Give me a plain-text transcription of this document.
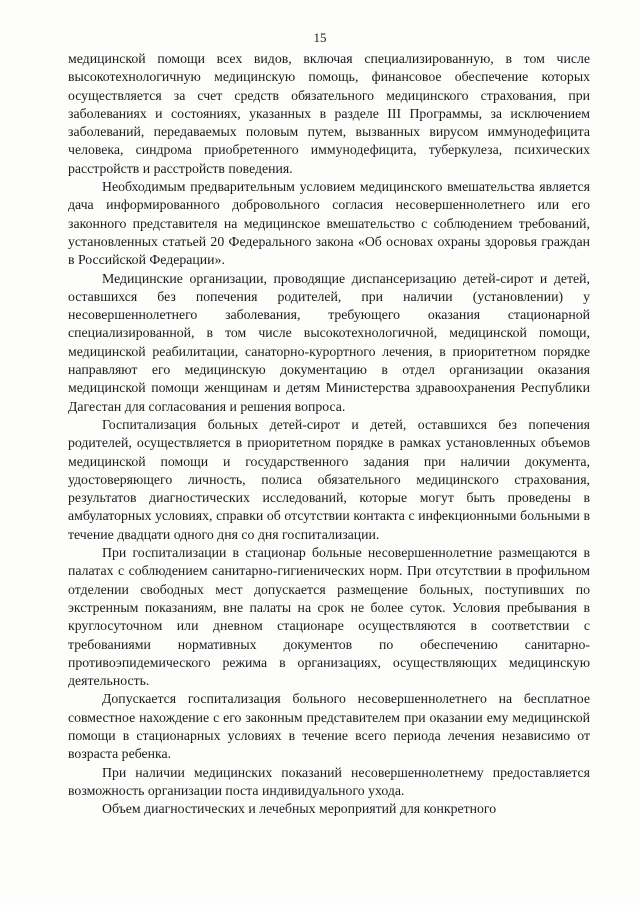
15

медицинской помощи всех видов, включая специализированную, в том числе высокотехнологичную медицинскую помощь, финансовое обеспечение которых осуществляется за счет средств обязательного медицинского страхования, при заболеваниях и состояниях, указанных в разделе III Программы, за исключением заболеваний, передаваемых половым путем, вызванных вирусом иммунодефицита человека, синдрома приобретенного иммунодефицита, туберкулеза, психических расстройств и расстройств поведения.

Необходимым предварительным условием медицинского вмешательства является дача информированного добровольного согласия несовершеннолетнего или его законного представителя на медицинское вмешательство с соблюдением требований, установленных статьей 20 Федерального закона «Об основах охраны здоровья граждан в Российской Федерации».

Медицинские организации, проводящие диспансеризацию детей-сирот и детей, оставшихся без попечения родителей, при наличии (установлении) у несовершеннолетнего заболевания, требующего оказания стационарной специализированной, в том числе высокотехнологичной, медицинской помощи, медицинской реабилитации, санаторно-курортного лечения, в приоритетном порядке направляют его медицинскую документацию в отдел организации оказания медицинской помощи женщинам и детям Министерства здравоохранения Республики Дагестан для согласования и решения вопроса.

Госпитализация больных детей-сирот и детей, оставшихся без попечения родителей, осуществляется в приоритетном порядке в рамках установленных объемов медицинской помощи и государственного задания при наличии документа, удостоверяющего личность, полиса обязательного медицинского страхования, результатов диагностических исследований, которые могут быть проведены в амбулаторных условиях, справки об отсутствии контакта с инфекционными больными в течение двадцати одного дня со дня госпитализации.

При госпитализации в стационар больные несовершеннолетние размещаются в палатах с соблюдением санитарно-гигиенических норм. При отсутствии в профильном отделении свободных мест допускается размещение больных, поступивших по экстренным показаниям, вне палаты на срок не более суток. Условия пребывания в круглосуточном или дневном стационаре осуществляются в соответствии с требованиями нормативных документов по обеспечению санитарно-противоэпидемического режима в организациях, осуществляющих медицинскую деятельность.

Допускается госпитализация больного несовершеннолетнего на бесплатное совместное нахождение с его законным представителем при оказании ему медицинской помощи в стационарных условиях в течение всего периода лечения независимо от возраста ребенка.

При наличии медицинских показаний несовершеннолетнему предоставляется возможность организации поста индивидуального ухода.

Объем диагностических и лечебных мероприятий для конкретного
